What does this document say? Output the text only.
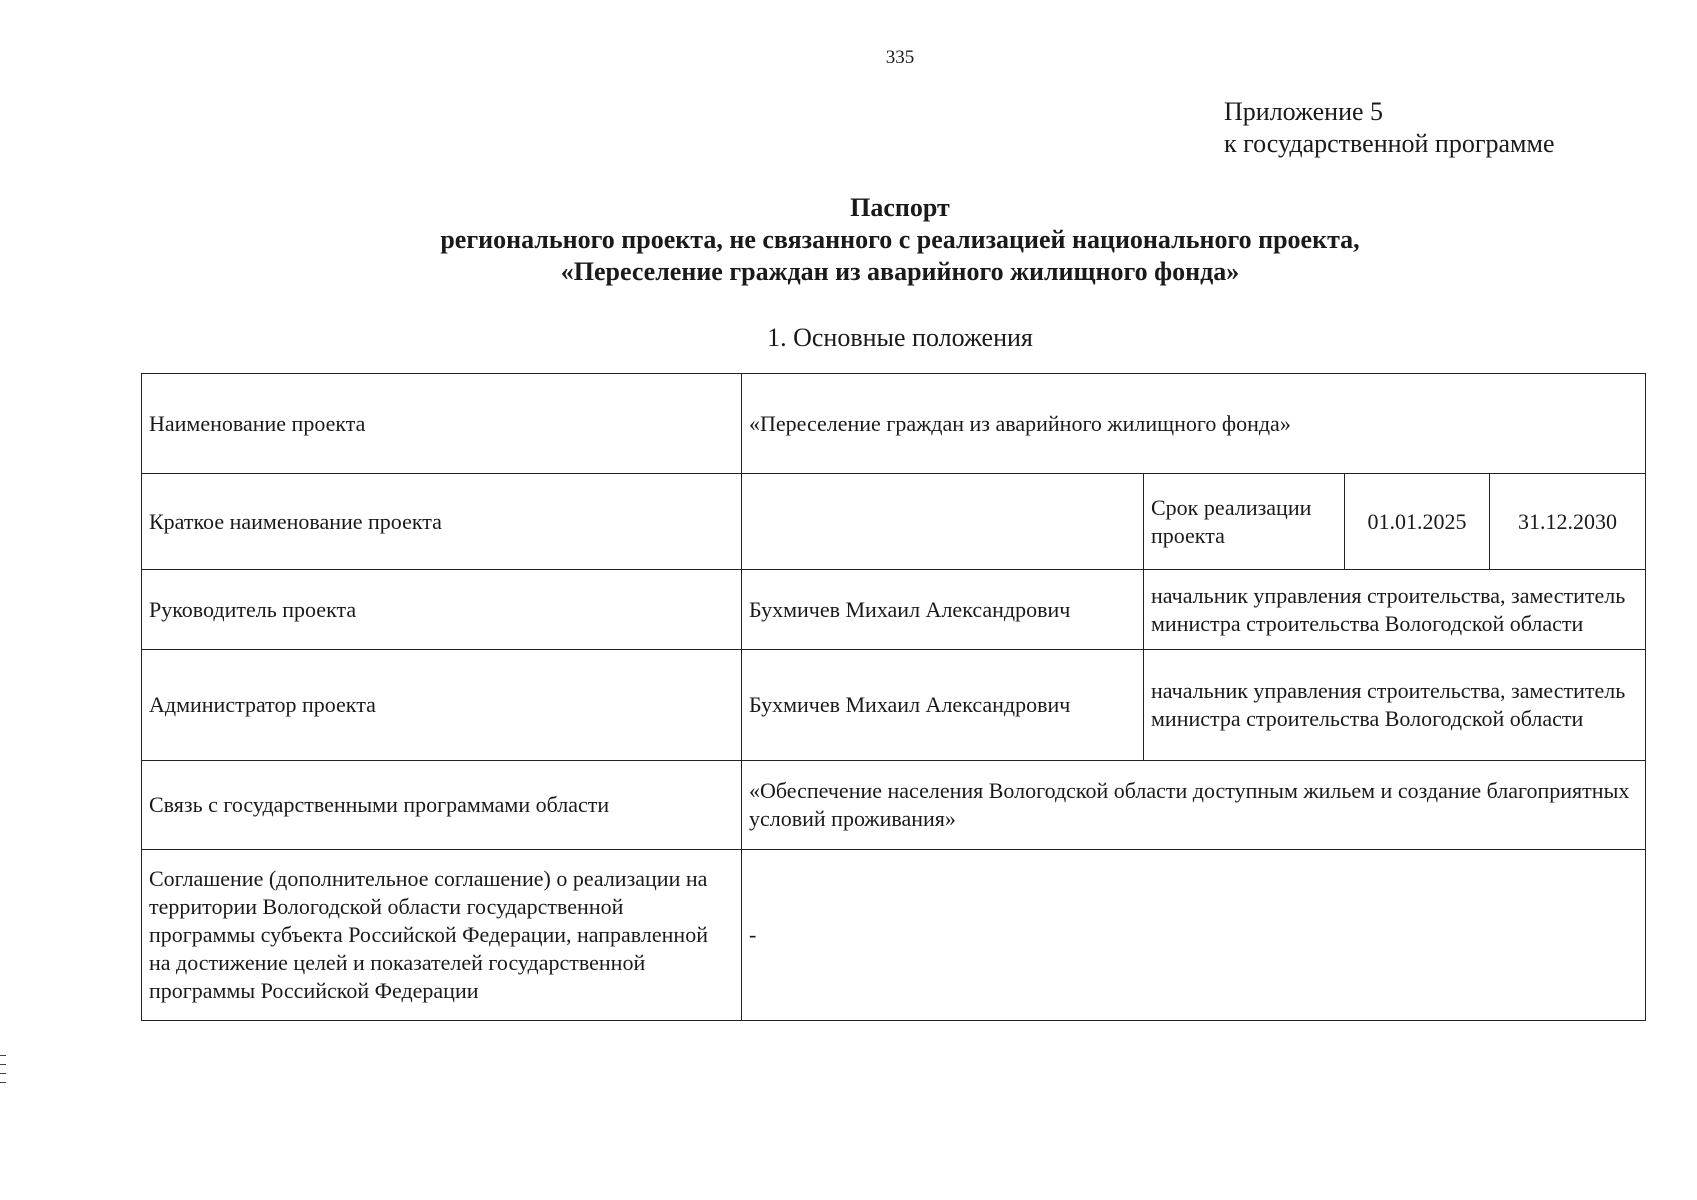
335
Приложение 5
к государственной программе
Паспорт
регионального проекта, не связанного с реализацией национального проекта,
«Переселение граждан из аварийного жилищного фонда»
1. Основные положения
Наименование проекта	«Переселение граждан из аварийного жилищного фонда»			
Краткое наименование проекта		Срок реализации проекта	01.01.2025	31.12.2030
Руководитель проекта	Бухмичев Михаил Александрович	начальник управления строительства, заместитель министра строительства Вологодской области		
Администратор проекта	Бухмичев Михаил Александрович	начальник управления строительства, заместитель министра строительства Вологодской области		
Связь с государственными программами области	«Обеспечение населения Вологодской области доступным жильем и создание благоприятных условий проживания»			
Соглашение (дополнительное соглашение) о реализации на территории Вологодской области государственной программы субъекта Российской Федерации, направленной на достижение целей и показателей государственной программы Российской Федерации	-			
